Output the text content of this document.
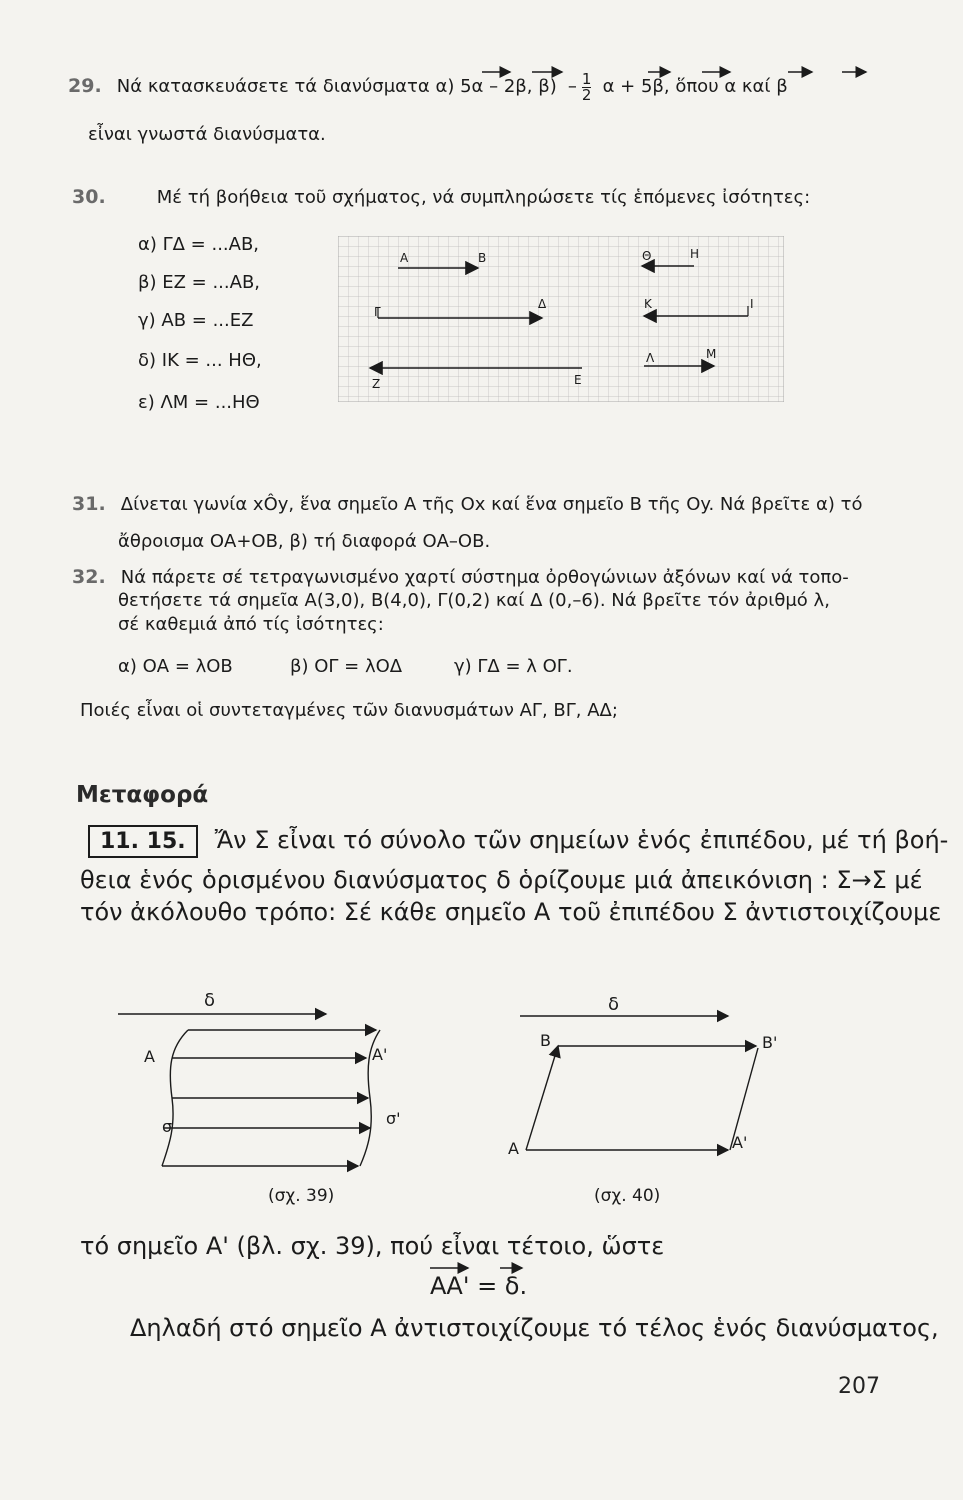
29. Νά κατασκευάσετε τά διανύσματα α) 5α – 2β, $\beta) - \frac{1}{2}$ α + 5β, ὅπου α καί β
εἶναι γνωστά διανύσματα.
30.	Μέ τή βοήθεια τοῦ σχήματος, νά συμπληρώσετε τίς ἑπόμενες ἰσότητες:
α) ΓΔ = ...ΑΒ,
β) ΕΖ = ...ΑΒ,
γ) ΑΒ = ...ΕΖ
δ) ΙΚ = ... ΗΘ,
ε) ΛΜ = ...ΗΘ
Α	Β	Θ	Η
Γ
Δ	Κ	Ι
Λ	Μ
Ζ	Ε
31. Δίνεται γωνία xÔy, ἕνα σημεῖο Α τῆς Οx καί ἕνα σημεῖο Β τῆς Οy. Νά βρεῖτε α) τό
ἄθροισμα ΟΑ+ΟΒ, β) τή διαφορά ΟΑ–ΟΒ.
32. Νά πάρετε σέ τετραγωνισμένο χαρτί σύστημα ὀρθογώνιων ἀξόνων καί νά τοπο-
θετήσετε τά σημεῖα Α(3,0), Β(4,0), Γ(0,2) καί Δ (0,–6). Νά βρεῖτε τόν ἀριθμό λ,
σέ καθεμιά ἀπό τίς ἰσότητες:
α) ΟΑ = λΟΒ	β) ΟΓ = λΟΔ	γ) ΓΔ = λ ΟΓ.
Ποιές εἶναι οἱ συντεταγμένες τῶν διανυσμάτων ΑΓ, ΒΓ, ΑΔ;
Μεταφορά
11. 15. Ἄν Σ εἶναι τό σύνολο τῶν σημείων ἑνός ἐπιπέδου, μέ τή βοή-
θεια ἑνός ὁρισμένου διανύσματος δ ὁρίζουμε μιά ἀπεικόνιση : Σ→Σ μέ
τόν ἀκόλουθο τρόπο: Σέ κάθε σημεῖο Α τοῦ ἐπιπέδου Σ ἀντιστοιχίζουμε
δ
Α	Α'
σ	σ'
(σχ. 39)
δ
Β	Β'
Α	Α'
(σχ. 40)
τό σημεῖο Α' (βλ. σχ. 39), πού εἶναι τέτοιο, ὥστε
ΑΑ' = δ.
Δηλαδή στό σημεῖο Α ἀντιστοιχίζουμε τό τέλος ἑνός διανύσματος,
207
